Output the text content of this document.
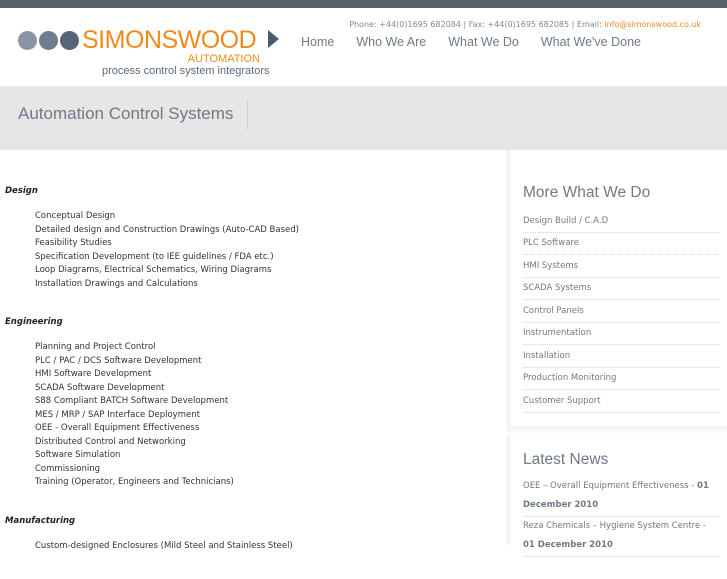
SIMONSWOOD
AUTOMATION
process control system integrators
Phone: +44(0)1695 682084 | Fax: +44(0)1695 682085 | Email: info@simonswood.co.uk
Home	Who We Are	What We Do	What We've Done
Automation Control Systems
Design
Conceptual Design
Detailed design and Construction Drawings (Auto-CAD Based)
Feasibility Studies
Specification Development (to IEE guidelines / FDA etc.)
Loop Diagrams, Electrical Schematics, Wiring Diagrams
Installation Drawings and Calculations
Engineering
Planning and Project Control
PLC / PAC / DCS Software Development
HMI Software Development
SCADA Software Development
S88 Compliant BATCH Software Development
MES / MRP / SAP Interface Deployment
OEE - Overall Equipment Effectiveness
Distributed Control and Networking
Software Simulation
Commissioning
Training (Operator, Engineers and Technicians)
Manufacturing
Custom-designed Enclosures (Mild Steel and Stainless Steel)
More What We Do
Design Build / C.A.D
PLC Software
HMI Systems
SCADA Systems
Control Panels
Instrumentation
Installation
Production Monitoring
Customer Support
Latest News
OEE – Overall Equipment Effectiveness - 01 December 2010
Reza Chemicals – Hygiene System Centre - 01 December 2010
